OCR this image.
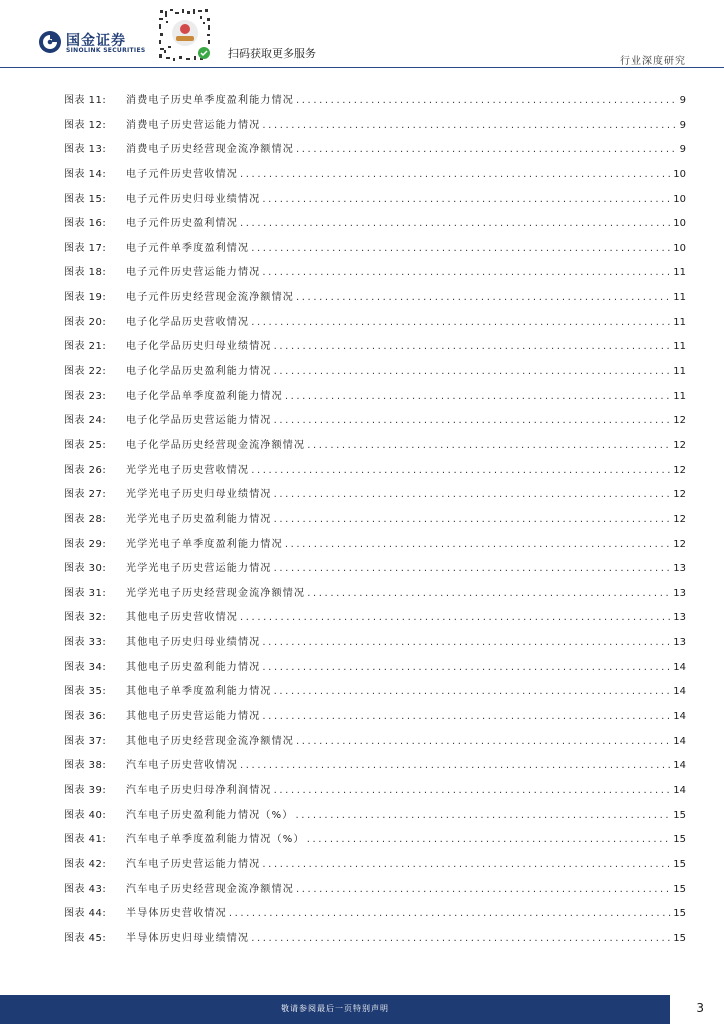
国金证券
SINOLINK SECURITIES	扫码获取更多服务
行业深度研究
图表 11:	消费电子历史单季度盈利能力情况 .....	9
图表 12:	消费电子历史营运能力情况 .....	9
图表 13:	消费电子历史经营现金流净额情况 .....	9
图表 14:	电子元件历史营收情况 .....	10
图表 15:	电子元件历史归母业绩情况 .....	10
图表 16:	电子元件历史盈利情况 .....	10
图表 17:	电子元件单季度盈利情况 .....	10
图表 18:	电子元件历史营运能力情况 .....	11
图表 19:	电子元件历史经营现金流净额情况 .....	11
图表 20:	电子化学品历史营收情况 .....	11
图表 21:	电子化学品历史归母业绩情况 .....	11
图表 22:	电子化学品历史盈利能力情况 .....	11
图表 23:	电子化学品单季度盈利能力情况 .....	11
图表 24:	电子化学品历史营运能力情况 .....	12
图表 25:	电子化学品历史经营现金流净额情况 .....	12
图表 26:	光学光电子历史营收情况 .....	12
图表 27:	光学光电子历史归母业绩情况 .....	12
图表 28:	光学光电子历史盈利能力情况 .....	12
图表 29:	光学光电子单季度盈利能力情况 .....	12
图表 30:	光学光电子历史营运能力情况 .....	13
图表 31:	光学光电子历史经营现金流净额情况 .....	13
图表 32:	其他电子历史营收情况 .....	13
图表 33:	其他电子历史归母业绩情况 .....	13
图表 34:	其他电子历史盈利能力情况 .....	14
图表 35:	其他电子单季度盈利能力情况 .....	14
图表 36:	其他电子历史营运能力情况 .....	14
图表 37:	其他电子历史经营现金流净额情况 .....	14
图表 38:	汽车电子历史营收情况 .....	14
图表 39:	汽车电子历史归母净利润情况 .....	14
图表 40:	汽车电子历史盈利能力情况（%） .....	15
图表 41:	汽车电子单季度盈利能力情况（%） .....	15
图表 42:	汽车电子历史营运能力情况 .....	15
图表 43:	汽车电子历史经营现金流净额情况 .....	15
图表 44:	半导体历史营收情况 .....	15
图表 45:	半导体历史归母业绩情况 .....	15
敬请参阅最后一页特别声明	3
